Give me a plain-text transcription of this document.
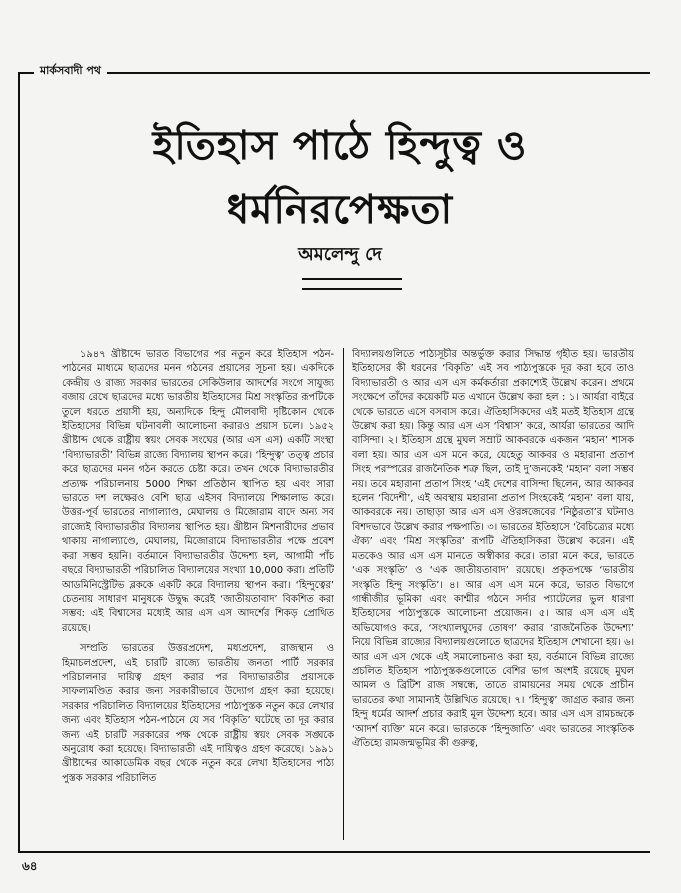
মার্কসবাদী পথ
ইতিহাস পাঠে হিন্দুত্ব ও
ধর্মনিরপেক্ষতা
অমলেন্দু দে

১৯৪৭ খ্রীষ্টাব্দে ভারত বিভাগের পর নতুন করে ইতিহাস পঠন-পাঠনের মাধ্যমে ছাত্রদের মনন গঠনের প্রয়াসের সূচনা হয়। একদিকে কেন্দ্রীয় ও রাজ্য সরকার ভারতের সেকিউলার আদর্শের সংগে সাযুজ্য বজায় রেখে ছাত্রদের মধ্যে ভারতীয় ইতিহাসের মিশ্র সংস্কৃতির রূপটিকে তুলে ধরতে প্রয়াসী হয়, অন্যদিকে হিন্দু মৌলবাদী দৃষ্টিকোন থেকে ইতিহাসের বিভিন্ন ঘটনাবলী আলোচনা করারও প্রয়াস চলে। ১৯৫২ খ্রীষ্টাব্দ থেকে রাষ্ট্রীয় স্বয়ং সেবক সংঘের (আর এস এস) একটি সংস্থা ‘বিদ্যাভারতী’ বিভিন্ন রাজ্যে বিদ্যালয় স্থাপন করে। ‘হিন্দুত্ব’ তত্ত্ব প্রচার করে ছাত্রদের মনন গঠন করতে চেষ্টা করে। তখন থেকে বিদ্যাভারতীর প্রত্যক্ষ পরিচালনায় 5000 শিক্ষা প্রতিষ্ঠান স্থাপিত হয় এবং সারা ভারতে দশ লক্ষেরও বেশি ছাত্র এইসব বিদ্যালয়ে শিক্ষালাভ করে। উত্তর-পূর্ব ভারতের নাগাল্যাণ্ড, মেঘালয় ও মিজোরাম বাদে অন্য সব রাজ্যেই বিদ্যাভারতীর বিদ্যালয় স্থাপিত হয়। খ্রীষ্টান মিশনারীদের প্রভাব থাকায় নাগাল্যাণ্ডে, মেঘালয়, মিজোরামে বিদ্যাভারতীর পক্ষে প্রবেশ করা সম্ভব হয়নি। বর্তমানে বিদ্যাভারতীর উদ্দেশ্য হল, আগামী পাঁচ বছরে বিদ্যাভারতী পরিচালিত বিদ্যালয়ের সংখ্যা 10,000 করা। প্রতিটি আডমিনিস্ট্রেটিভ ব্লককে একটি করে বিদ্যালয় স্থাপন করা। ‘হিন্দুত্বের’ চেতনায় সাধারণ মানুষকে উদ্বুদ্ধ করেই ‘জাতীয়তাবাদ’ বিকশিত করা সম্ভব: এই বিশ্বাসের মধ্যেই আর এস এস আদর্শের শিকড় প্রোথিত রয়েছে।

সম্প্রতি ভারতের উত্তরপ্রদেশ, মধ্যপ্রদেশ, রাজস্থান ও হিমাচলপ্রদেশ, এই চারটি রাজ্যে ভারতীয় জনতা পার্টি সরকার পরিচালনার দায়িত্ব গ্রহণ করার পর বিদ্যাভারতীর প্রয়াসকে সাফল্যমণ্ডিত করার জন্য সরকারীভাবে উদ্যোগ গ্রহণ করা হয়েছে। সরকার পরিচালিত বিদ্যালয়ের ইতিহাসের পাঠ্যপুস্তক নতুন করে লেখার জন্য এবং ইতিহাস পঠন-পাঠনে যে সব ‘বিকৃতি’ ঘটেছে তা দূর করার জন্য এই চারটি সরকারের পক্ষ থেকে রাষ্ট্রীয় স্বয়ং সেবক সঙ্ঘকে অনুরোধ করা হয়েছে। বিদ্যাভারতী এই দায়িত্বও গ্রহণ করেছে। ১৯৯১ খ্রীষ্টাব্দের আকাডেমিক বছর থেকে নতুন করে লেখা ইতিহাসের পাঠ্য পুস্তক সরকার পরিচালিত

বিদ্যালয়গুলিতে পাঠ্যসূচীর অন্তর্ভুক্ত করার সিদ্ধান্ত গৃহীত হয়। ভারতীয় ইতিহাসের কী ধরনের ‘বিকৃতি’ এই সব পাঠ্যপুস্তকে দূর করা হবে তাও বিদ্যাভারতী ও আর এস এস কর্মকর্তারা প্রকাশ্যেই উল্লেখ করেন। প্রথমে সংক্ষেপে তাঁদের কয়েকটি মত এখানে উল্লেখ করা হল : ১। আর্যরা বাইরে থেকে ভারতে এসে বসবাস করে। ঐতিহাসিকদের এই মতই ইতিহাস গ্রন্থে উল্লেখ করা হয়। কিন্তু আর এস এস ‘বিশ্বাস’ করে, আর্যরা ভারতের আদি বাসিন্দা। ২। ইতিহাস গ্রন্থে মুঘল সম্রাট আকবরকে একজন ‘মহান’ শাসক বলা হয়। আর এস এস মনে করে, যেহেতু আকবর ও মহারানা প্রতাপ সিংহ পরস্পরের রাজনৈতিক শত্রু ছিল, তাই দু’জনকেই ‘মহান’ বলা সম্ভব নয়। তবে মহারানা প্রতাপ সিংহ ‘এই দেশের বাসিন্দা ছিলেন, আর আকবর হলেন ‘বিদেশী’, এই অবস্থায় মহারানা প্রতাপ সিংহকেই ‘মহান’ বলা যায়, আকবরকে নয়। তাছাড়া আর এস এস ঔরঙ্গজেবের ‘নিষ্ঠুরতা’র ঘটনাও বিশদভাবে উল্লেখ করার পক্ষপাতি। ৩। ভারতের ইতিহাসে ‘বৈচিত্র্যের মধ্যে ঐক্য’ এবং ‘মিশ্র সংস্কৃতির’ রূপটি ঐতিহাসিকরা উল্লেখ করেন। এই মতকেও আর এস এস মানতে অস্বীকার করে। তারা মনে করে, ভারতে ‘এক সংস্কৃতি’ ও ‘এক জাতীয়তাবাদ’ রয়েছে। প্রকৃতপক্ষে ‘ভারতীয় সংস্কৃতি হিন্দু সংস্কৃতি’। ৪। আর এস এস মনে করে, ভারত বিভাগে গান্ধীজীর ভূমিকা এবং কাশ্মীর গঠনে সর্দার প্যাটেলের ভুল ধারণা ইতিহাসের পাঠ্যপুস্তকে আলোচনা প্রয়োজন। ৫। আর এস এস এই অভিযোগও করে, ‘সংখ্যালঘুদের তোষণ’ করার ‘রাজনৈতিক উদ্দেশ্য’ নিয়ে বিভিন্ন রাজ্যের বিদ্যালয়গুলোতে ছাত্রদের ইতিহাস শেখানো হয়। ৬। আর এস এস থেকে এই সমালোচনাও করা হয়, বর্তমানে বিভিন্ন রাজ্যে প্রচলিত ইতিহাস পাঠ্যপুস্তকগুলোতে বেশির ভাগ অংশই রয়েছে মুঘল আমল ও ব্রিটিশ রাজ সম্বন্ধে, তাতে রামায়নের সময় থেকে প্রাচীন ভারতের কথা সামান্যই উল্লিখিত রয়েছে। ৭। ‘হিন্দুত্ব’ জাগ্রত করার জন্য হিন্দু ধর্মের আদর্শ প্রচার করাই মূল উদ্দেশ্য হবে। আর এস এস রামচন্দ্রকে ‘আদর্শ ব্যক্তি’ মনে করে। ভারতকে ‘হিন্দুজাতি’ এবং ভারতের সাংস্কৃতিক ঐতিহ্যে রামজন্মভূমির কী গুরুত্ব,

৬৪
